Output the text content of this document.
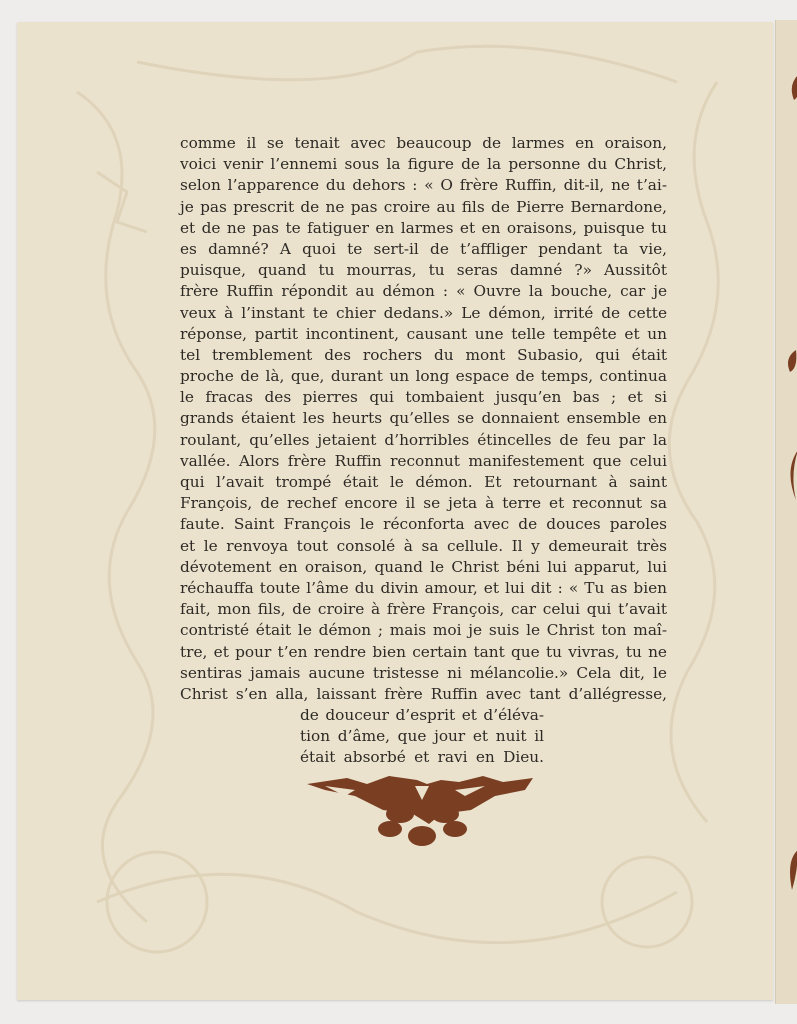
comme il se tenait avec beaucoup de larmes en oraison,
voici venir l’ennemi sous la figure de la personne du Christ,
selon l’apparence du dehors : « O frère Ruffin, dit-il, ne t’ai-
je pas prescrit de ne pas croire au fils de Pierre Bernardone,
et de ne pas te fatiguer en larmes et en oraisons, puisque tu
es damné? A quoi te sert-il de t’affliger pendant ta vie,
puisque, quand tu mourras, tu seras damné ?» Aussitôt
frère Ruffin répondit au démon : « Ouvre la bouche, car je
veux à l’instant te chier dedans.» Le démon, irrité de cette
réponse, partit incontinent, causant une telle tempête et un
tel tremblement des rochers du mont Subasio, qui était
proche de là, que, durant un long espace de temps, continua
le fracas des pierres qui tombaient jusqu’en bas ; et si
grands étaient les heurts qu’elles se donnaient ensemble en
roulant, qu’elles jetaient d’horribles étincelles de feu par la
vallée. Alors frère Ruffin reconnut manifestement que celui
qui l’avait trompé était le démon. Et retournant à saint
François, de rechef encore il se jeta à terre et reconnut sa
faute. Saint François le réconforta avec de douces paroles
et le renvoya tout consolé à sa cellule. Il y demeurait très
dévotement en oraison, quand le Christ béni lui apparut, lui
réchauffa toute l’âme du divin amour, et lui dit : « Tu as bien
fait, mon fils, de croire à frère François, car celui qui t’avait
contristé était le démon ; mais moi je suis le Christ ton maî-
tre, et pour t’en rendre bien certain tant que tu vivras, tu ne
sentiras jamais aucune tristesse ni mélancolie.» Cela dit, le
Christ s’en alla, laissant frère Ruffin avec tant d’allégresse,
de douceur d’esprit et d’éléva-
tion d’âme, que jour et nuit il
était absorbé et ravi en Dieu.
